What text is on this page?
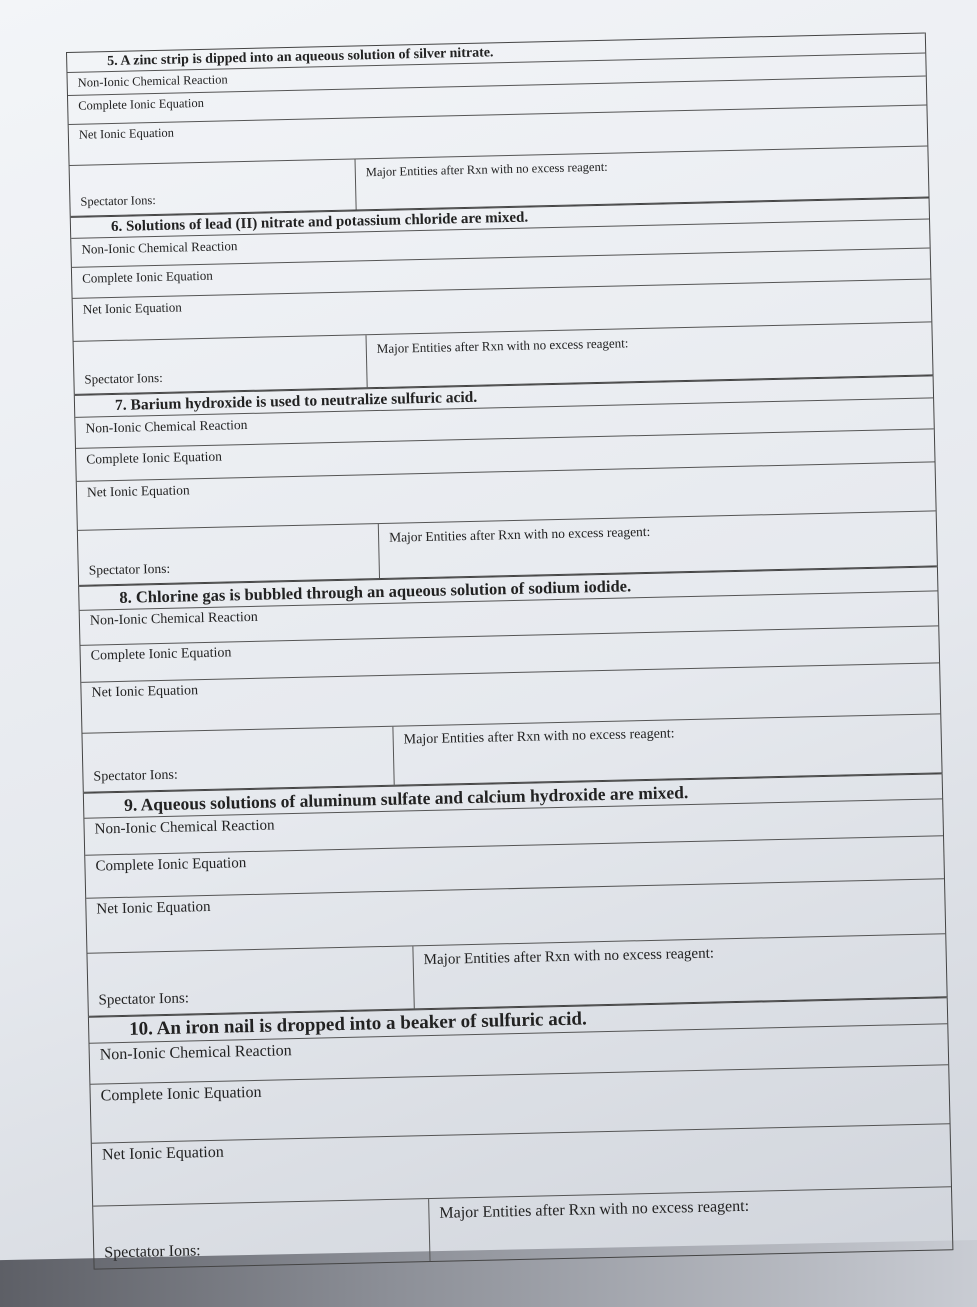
5. A zinc strip is dipped into an aqueous solution of silver nitrate.
Non-Ionic Chemical Reaction
Complete Ionic Equation
Net Ionic Equation
Spectator Ions:
Major Entities after Rxn with no excess reagent:
6. Solutions of lead (II) nitrate and potassium chloride are mixed.
Non-Ionic Chemical Reaction
Complete Ionic Equation
Net Ionic Equation
Spectator Ions:
Major Entities after Rxn with no excess reagent:
7. Barium hydroxide is used to neutralize sulfuric acid.
Non-Ionic Chemical Reaction
Complete Ionic Equation
Net Ionic Equation
Spectator Ions:
Major Entities after Rxn with no excess reagent:
8. Chlorine gas is bubbled through an aqueous solution of sodium iodide.
Non-Ionic Chemical Reaction
Complete Ionic Equation
Net Ionic Equation
Spectator Ions:
Major Entities after Rxn with no excess reagent:
9. Aqueous solutions of aluminum sulfate and calcium hydroxide are mixed.
Non-Ionic Chemical Reaction
Complete Ionic Equation
Net Ionic Equation
Spectator Ions:
Major Entities after Rxn with no excess reagent:
10. An iron nail is dropped into a beaker of sulfuric acid.
Non-Ionic Chemical Reaction
Complete Ionic Equation
Net Ionic Equation
Spectator Ions:
Major Entities after Rxn with no excess reagent:
